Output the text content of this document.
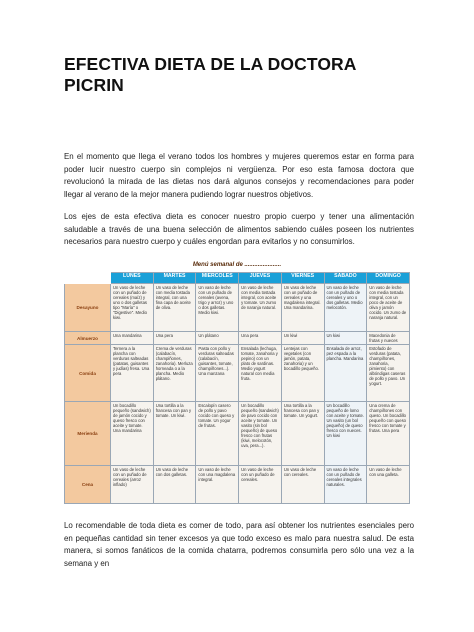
EFECTIVA DIETA DE LA DOCTORA
PICRIN
En el momento que llega el verano todos los hombres y mujeres queremos estar en forma para poder lucir nuestro cuerpo sin complejos ni vergüenza. Por eso esta famosa doctora que revolucionó la mirada de las dietas nos dará algunos consejos y recomendaciones para poder llegar al verano de la mejor manera pudiendo lograr nuestros objetivos.
Los ejes de esta efectiva dieta es conocer nuestro propio cuerpo y tener una alimentación saludable a través de una buena selección de alimentos sabiendo cuáles poseen los nutrientes necesarios para nuestro cuerpo y cuáles engordan para evitarlos y no consumirlos.
Menú semanal de ......................
	LUNES	MARTES	MIÉRCOLES	JUEVES	VIERNES	SÁBADO	DOMINGO
Desayuno	Un vaso de leche con un puñado de cereales (maíz) y uno o dos galletas tipo "María" o "Digestive". Medio kiwi.	Un vaso de leche con media tostada integral, con una fina capa de aceite de oliva.	Un vaso de leche con un puñado de cereales (avena, trigo y arroz) y uno o dos galletas. Medio kiwi.	Un vaso de leche con media tostada integral, con aceite y tomate. Un zumo de naranja natural.	Un vaso de leche con un puñado de cereales y una magdalena integral. Una mandarina.	Un vaso de leche con un puñado de cereales y uno o dos galletas. Medio melocotón.	Un vaso de leche con media tostada integral, con un poco de aceite de oliva y jamón cocido. Un zumo de naranja natural.
Almuerzo	Una mandarina	Una pera	Un plátano	Una pera	Un kiwi	Un kiwi	Macedonia de frutas y nueces
Comida	Ternera a la plancha con verduras salteadas (patatas, guisantes y judías) fresa. Una pera	Crema de verduras (calabacín, champiñones, zanahoria). Merluza horneada o a la plancha. Medio plátano.	Pasta con pollo y verduras salteadas (calabacín, guisantes, tomate, champiñones...). Una manzana	Ensalada (lechuga, tomate, zanahoria y pepino) con un plato de sardinas. Medio yogurt natural con media fruta.	Lentejas con vegetales (con jamón, patata, zanahoria) y un bocadillo pequeño.	Ensalada de arroz, pez espada a la plancha. Mandarina	Estofado de verduras (patata, champiñones, zanahoria, pimiento) con albóndigas caseras de pollo y pavo. Un yogurt.
Merienda	Un bocadillo pequeño (sandwich) de jamón cocido y queso fresco con aceite y tomate. Una mandarina	Una tortilla a la francesa con pan y tomate. Un kiwi.	Escalopín casero de pollo y pavo cocido con queso y tomate. Un yogur de frutas.	Un bocadillo pequeño (sandwich) de pavo cocido con aceite y tomate. Un vasito (sin bol pequeño) de queso fresco con frutas (kiwi, melocotón, uva, pera...).	Una tortilla a la francesa con pan y tomate. Un yogurt.	Un bocadillo pequeño de lomo con aceite y tomate. Un vasito (un bol pequeño) de queso fresco con nueces. Un kiwi	Una crema de champiñones con queso. Un bocadillo pequeño con queso fresco con tomate y frutas. Una pera
Cena	Un vaso de leche con un puñado de cereales (arroz inflado)	Un vaso de leche con dos galletas.	Un vaso de leche con una magdalena integral.	Un vaso de leche con un puñado de cereales.	Un vaso de leche con cereales.	Un vaso de leche con un puñado de cereales integrales naturales.	Un vaso de leche con una galleta.
Lo recomendable de toda dieta es comer de todo, para así obtener los nutrientes esenciales pero en pequeñas cantidad sin tener excesos ya que todo exceso es malo para nuestra salud. De esta manera, si somos fanáticos de la comida chatarra, podremos consumirla pero sólo una vez a la semana y en
